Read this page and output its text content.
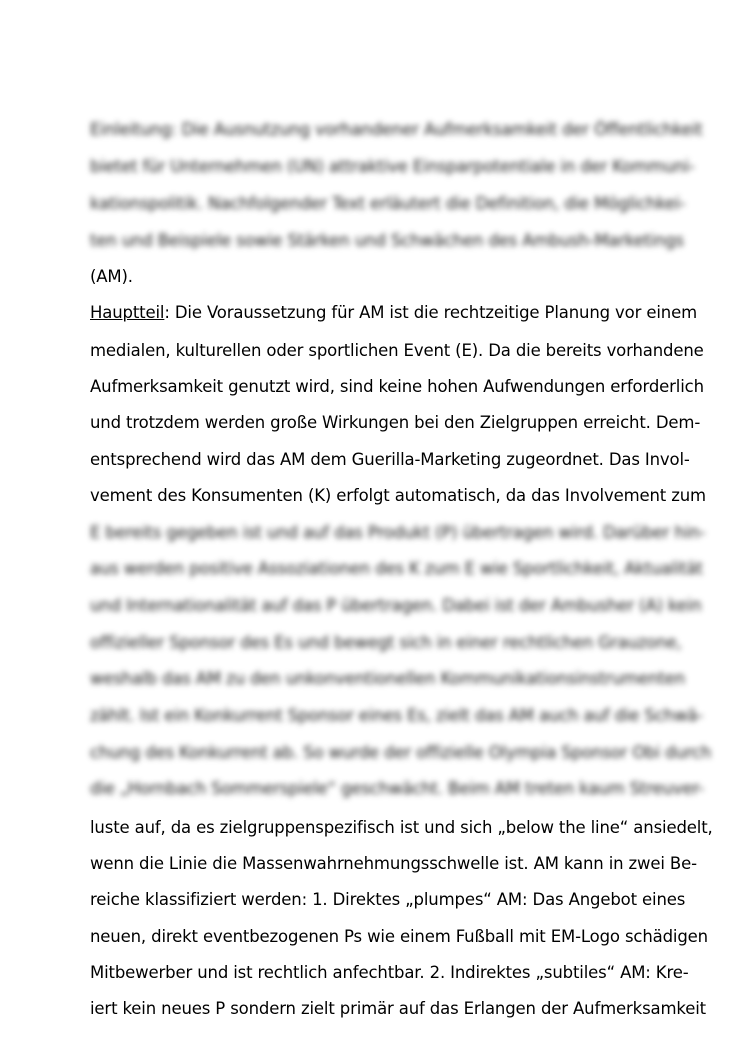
Einleitung: Die Ausnutzung vorhandener Aufmerksamkeit der Öffentlichkeit
bietet für Unternehmen (UN) attraktive Einsparpotentiale in der Kommuni-
kationspolitik. Nachfolgender Text erläutert die Definition, die Möglichkei-
ten und Beispiele sowie Stärken und Schwächen des Ambush-Marketings
(AM).
Hauptteil: Die Voraussetzung für AM ist die rechtzeitige Planung vor einem
medialen, kulturellen oder sportlichen Event (E). Da die bereits vorhandene
Aufmerksamkeit genutzt wird, sind keine hohen Aufwendungen erforderlich
und trotzdem werden große Wirkungen bei den Zielgruppen erreicht. Dem-
entsprechend wird das AM dem Guerilla-Marketing zugeordnet. Das Invol-
vement des Konsumenten (K) erfolgt automatisch, da das Involvement zum
E bereits gegeben ist und auf das Produkt (P) übertragen wird. Darüber hin-
aus werden positive Assoziationen des K zum E wie Sportlichkeit, Aktualität
und Internationalität auf das P übertragen. Dabei ist der Ambusher (A) kein
offizieller Sponsor des Es und bewegt sich in einer rechtlichen Grauzone,
weshalb das AM zu den unkonventionellen Kommunikationsinstrumenten
zählt. Ist ein Konkurrent Sponsor eines Es, zielt das AM auch auf die Schwä-
chung des Konkurrent ab. So wurde der offizielle Olympia Sponsor Obi durch
die „Hornbach Sommerspiele“ geschwächt. Beim AM treten kaum Streuver-
luste auf, da es zielgruppenspezifisch ist und sich „below the line“ ansiedelt,
wenn die Linie die Massenwahrnehmungsschwelle ist. AM kann in zwei Be-
reiche klassifiziert werden: 1. Direktes „plumpes“ AM: Das Angebot eines
neuen, direkt eventbezogenen Ps wie einem Fußball mit EM-Logo schädigen
Mitbewerber und ist rechtlich anfechtbar. 2. Indirektes „subtiles“ AM: Kre-
iert kein neues P sondern zielt primär auf das Erlangen der Aufmerksamkeit
